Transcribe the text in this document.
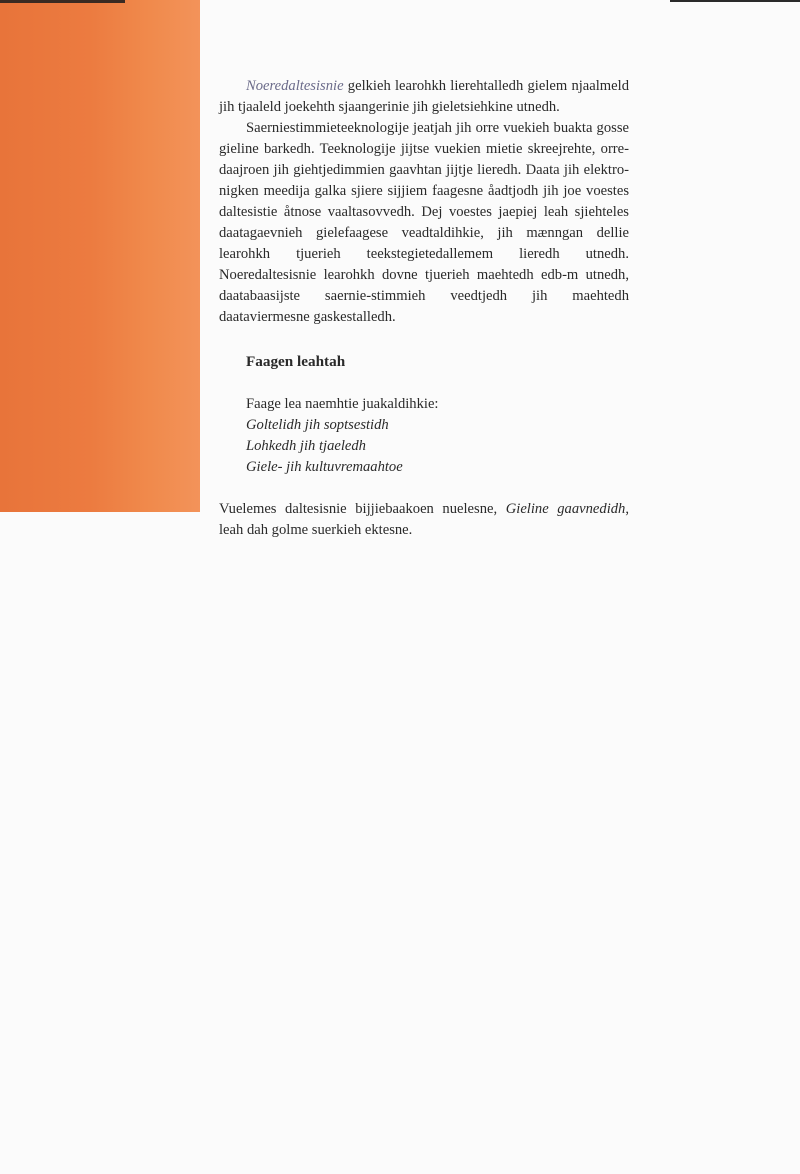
Noeredaltesisnie gelkieh learohkh lierehtalledh gielem njaalmeld jih tjaaleld joekehth sjaangerinie jih gieletsiehkine utnedh.

Saerniestimmieteeknologije jeatjah jih orre vuekieh buakta gosse gieline barkedh. Teeknologije jijtse vuekien mietie skreejrehte, orre-daajroen jih giehtjedimmien gaavhtan jijtje lieredh. Daata jih elektro-nigken meedija galka sjiere sijjiem faagesne åadtjodh jih joe voestes daltesistie åtnose vaaltasovvedh. Dej voestes jaepiej leah sjiehteles daatagaevnieh gielefaagese veadtaldihkie, jih mænngan dellie learohkh tjuerieh teekstegietedallemem lieredh utnedh. Noeredaltesisnie learohkh dovne tjuerieh maehtedh edb-m utnedh, daatabaasijste saernie-stimmieh veedtjedh jih maehtedh daataviermesne gaskestalledh.

Faagen leahtah

Faage lea naemhtie juakaldihkie:

Goltelidh jih soptsestidh
Lohkedh jih tjaeledh
Giele- jih kultuvremaahtoe

Vuelemes daltesisnie bijjiebaakoen nuelesne, Gieline gaavnedidh, leah dah golme suerkieh ektesne.
